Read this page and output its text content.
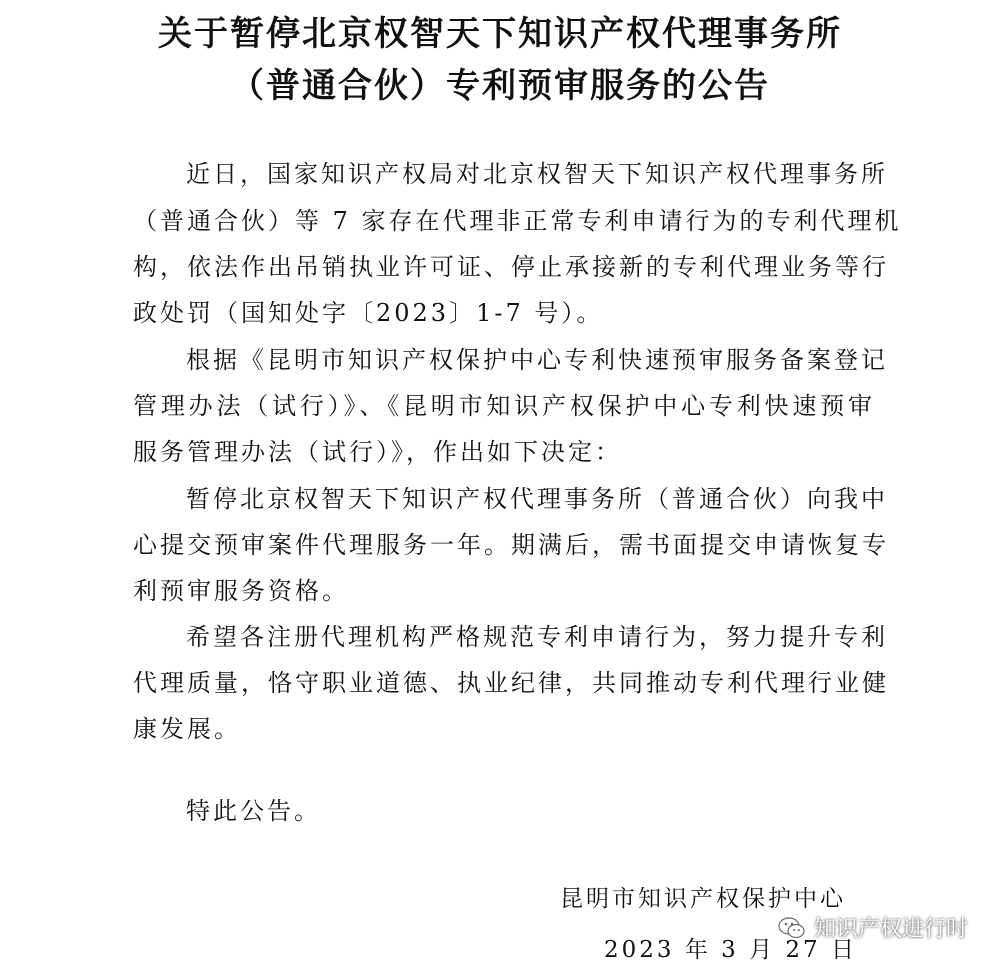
关于暂停北京权智天下知识产权代理事务所
（普通合伙）专利预审服务的公告
近日，国家知识产权局对北京权智天下知识产权代理事务所
（普通合伙）等 7 家存在代理非正常专利申请行为的专利代理机
构，依法作出吊销执业许可证、停止承接新的专利代理业务等行
政处罚（国知处字〔2023〕1-7 号）。
根据《昆明市知识产权保护中心专利快速预审服务备案登记
管理办法（试行）》、《昆明市知识产权保护中心专利快速预审
服务管理办法（试行）》，作出如下决定：
暂停北京权智天下知识产权代理事务所（普通合伙）向我中
心提交预审案件代理服务一年。期满后，需书面提交申请恢复专
利预审服务资格。
希望各注册代理机构严格规范专利申请行为，努力提升专利
代理质量，恪守职业道德、执业纪律，共同推动专利代理行业健
康发展。
特此公告。
昆明市知识产权保护中心
2023 年 3 月 27 日
知识产权进行时
